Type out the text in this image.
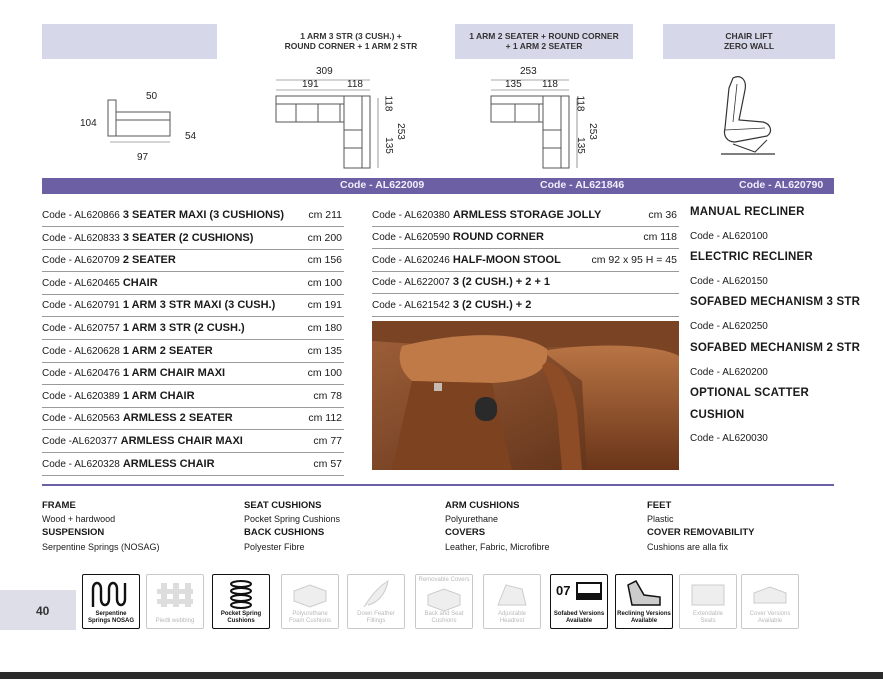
1 ARM 3 STR (3 CUSH.) +
ROUND CORNER + 1 ARM 2 STR
1 ARM 2 SEATER + ROUND CORNER
+ 1 ARM 2 SEATER
CHAIR LIFT
ZERO WALL
104
50
54
97
309
191	118
118
135
253
253
135 118
118
135
253
Code - AL622009	Code - AL621846	Code - AL620790
Code - AL620866 3 SEATER MAXI (3 CUSHIONS) cm 211
Code - AL620833 3 SEATER (2 CUSHIONS)	cm 200
Code - AL620709 2 SEATER	cm 156
Code - AL620465 CHAIR	cm 100
Code - AL620791 1 ARM 3 STR MAXI (3 CUSH.)	cm 191
Code - AL620757 1 ARM 3 STR (2 CUSH.)	cm 180
Code - AL620628 1 ARM 2 SEATER	cm 135
Code - AL620476 1 ARM CHAIR MAXI	cm 100
Code - AL620389 1 ARM CHAIR	cm 78
Code - AL620563 ARMLESS 2 SEATER	cm 112
Code -AL620377 ARMLESS CHAIR MAXI	cm 77
Code - AL620328 ARMLESS CHAIR	cm 57
Code - AL620380 ARMLESS STORAGE JOLLY	cm 36
Code - AL620590 ROUND CORNER	cm 118
Code - AL620246 HALF-MOON STOOL	cm 92 x 95 H = 45
Code - AL622007 3 (2 CUSH.) + 2 + 1
Code - AL621542 3 (2 CUSH.) + 2
MANUAL RECLINER
Code - AL620100
ELECTRIC RECLINER
Code - AL620150
SOFABED MECHANISM 3 STR
Code - AL620250
SOFABED MECHANISM 2 STR
Code - AL620200
OPTIONAL SCATTER
CUSHION
Code - AL620030
FRAME
Wood + hardwood
SUSPENSION
Serpentine Springs (NOSAG)
SEAT CUSHIONS
Pocket Spring Cushions
BACK CUSHIONS
Polyester Fibre
ARM CUSHIONS
Polyurethane
COVERS
Leather, Fabric, Microfibre
FEET
Plastic
COVER REMOVABILITY
Cushions are alla fix
40	Serpentine
Springs NOSAG	Piedli webbing
Pocket Spring
Cushions
Polyurethane
Foam Cushions
Down Feather
Fillings
Removable Covers
Back and Seat
Cushions
Adjustable
Headrest
07
Sofabed Versions
Available
Reclining Versions
Available
Extendable
Seats
Cover Versions
Available
